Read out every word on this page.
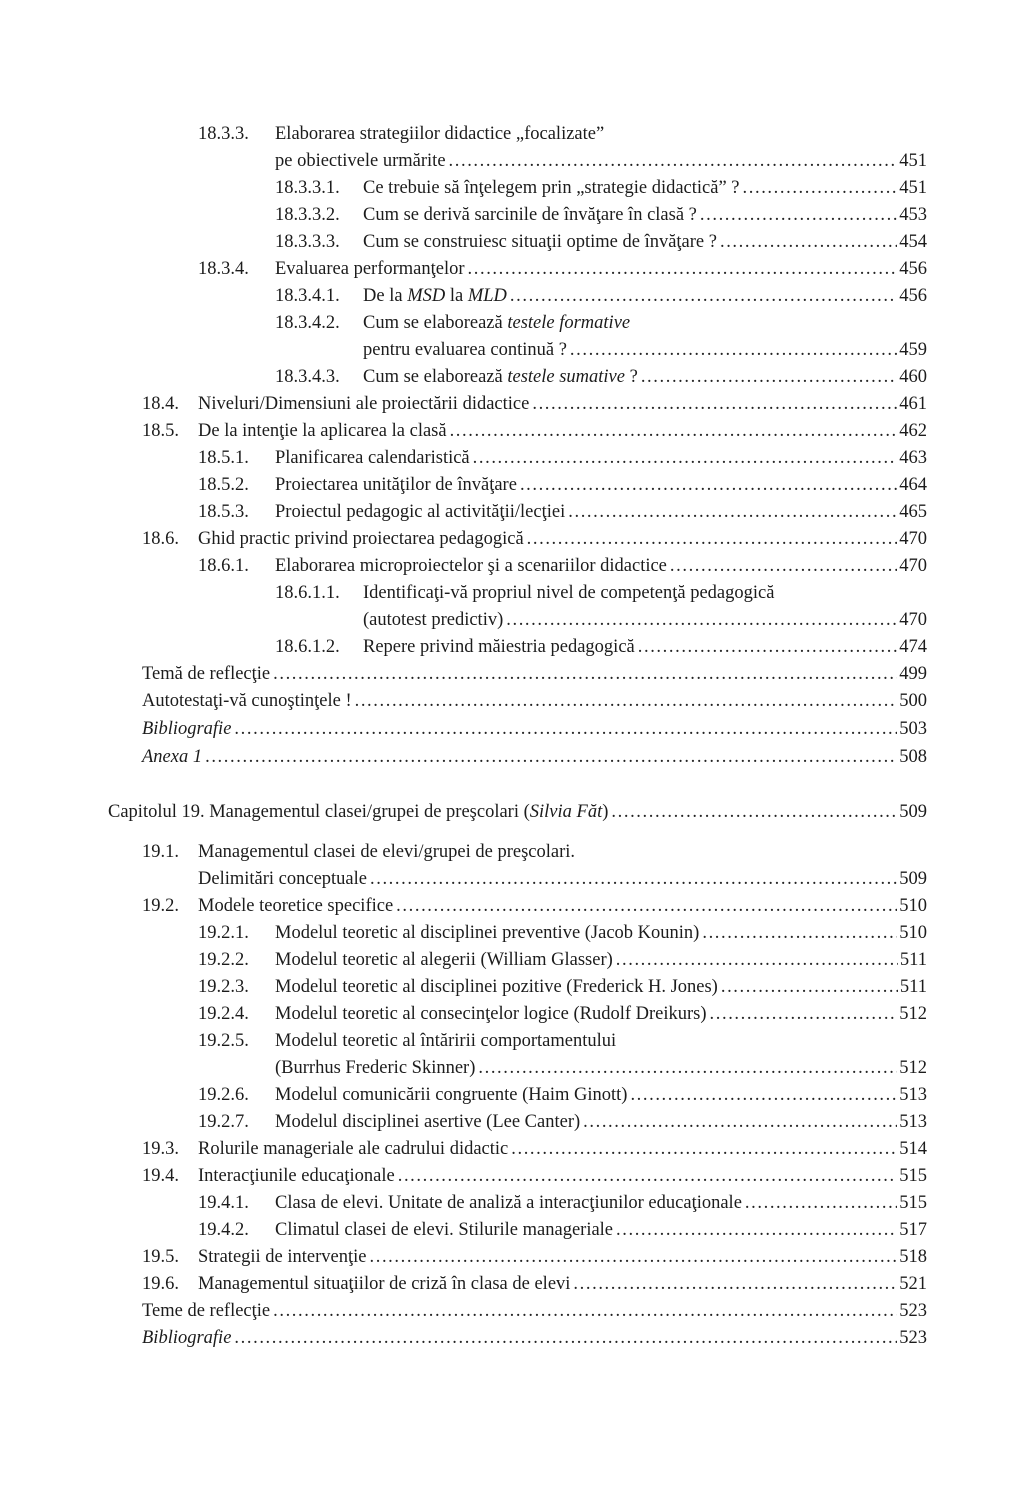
18.3.3. Elaborarea strategiilor didactice „focalizate”
pe obiectivele urmărite .....	451
18.3.3.1. Ce trebuie să înţelegem prin „strategie didactică” ? .....	451
18.3.3.2. Cum se derivă sarcinile de învăţare în clasă ? .....	453
18.3.3.3. Cum se construiesc situaţii optime de învăţare ? .....	454
18.3.4. Evaluarea performanţelor .....	456
18.3.4.1. De la MSD la MLD .....	456
18.3.4.2. Cum se elaborează testele formative
pentru evaluarea continuă ? .....	459
18.3.4.3. Cum se elaborează testele sumative ? .....	460
18.4. Niveluri/Dimensiuni ale proiectării didactice .....	461
18.5. De la intenţie la aplicarea la clasă .....	462
18.5.1. Planificarea calendaristică .....	463
18.5.2. Proiectarea unităţilor de învăţare .....	464
18.5.3. Proiectul pedagogic al activităţii/lecţiei .....	465
18.6. Ghid practic privind proiectarea pedagogică .....	470
18.6.1. Elaborarea microproiectelor şi a scenariilor didactice .....	470
18.6.1.1. Identificaţi-vă propriul nivel de competenţă pedagogică
(autotest predictiv) .....	470
18.6.1.2. Repere privind măiestria pedagogică .....	474
Temă de reflecţie .....	499
Autotestaţi-vă cunoştinţele ! .....	500
Bibliografie .....	503
Anexa 1 .....	508
Capitolul 19. Managementul clasei/grupei de preşcolari (Silvia Făt) .....	509
19.1. Managementul clasei de elevi/grupei de preşcolari.
Delimitări conceptuale .....	509
19.2. Modele teoretice specifice .....	510
19.2.1. Modelul teoretic al disciplinei preventive (Jacob Kounin) .....	510
19.2.2. Modelul teoretic al alegerii (William Glasser) .....	511
19.2.3. Modelul teoretic al disciplinei pozitive (Frederick H. Jones) .....	511
19.2.4. Modelul teoretic al consecinţelor logice (Rudolf Dreikurs) .....	512
19.2.5. Modelul teoretic al întăririi comportamentului
(Burrhus Frederic Skinner) .....	512
19.2.6. Modelul comunicării congruente (Haim Ginott) .....	513
19.2.7. Modelul disciplinei asertive (Lee Canter) .....	513
19.3. Rolurile manageriale ale cadrului didactic .....	514
19.4. Interacţiunile educaţionale .....	515
19.4.1. Clasa de elevi. Unitate de analiză a interacţiunilor educaţionale .....	515
19.4.2. Climatul clasei de elevi. Stilurile manageriale .....	517
19.5. Strategii de intervenţie .....	518
19.6. Managementul situaţiilor de criză în clasa de elevi .....	521
Teme de reflecţie .....	523
Bibliografie .....	523
